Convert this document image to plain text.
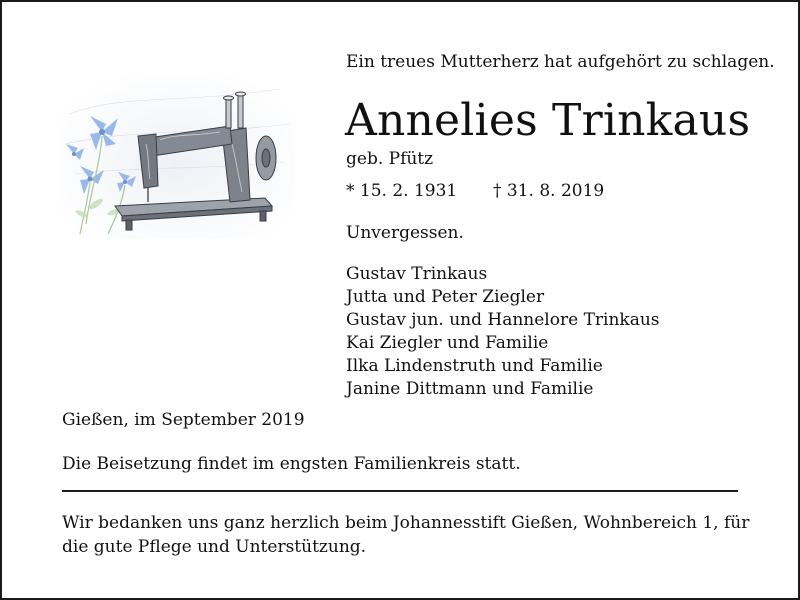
Ein treues Mutterherz hat aufgehört zu schlagen.
Annelies Trinkaus
geb. Pfütz
* 15. 2. 1931 † 31. 8. 2019
Unvergessen.
Gustav Trinkaus
Jutta und Peter Ziegler
Gustav jun. und Hannelore Trinkaus
Kai Ziegler und Familie
Ilka Lindenstruth und Familie
Janine Dittmann und Familie
Gießen, im September 2019
Die Beisetzung findet im engsten Familienkreis statt.
Wir bedanken uns ganz herzlich beim Johannesstift Gießen, Wohnbereich 1, für die gute Pflege und Unterstützung.
